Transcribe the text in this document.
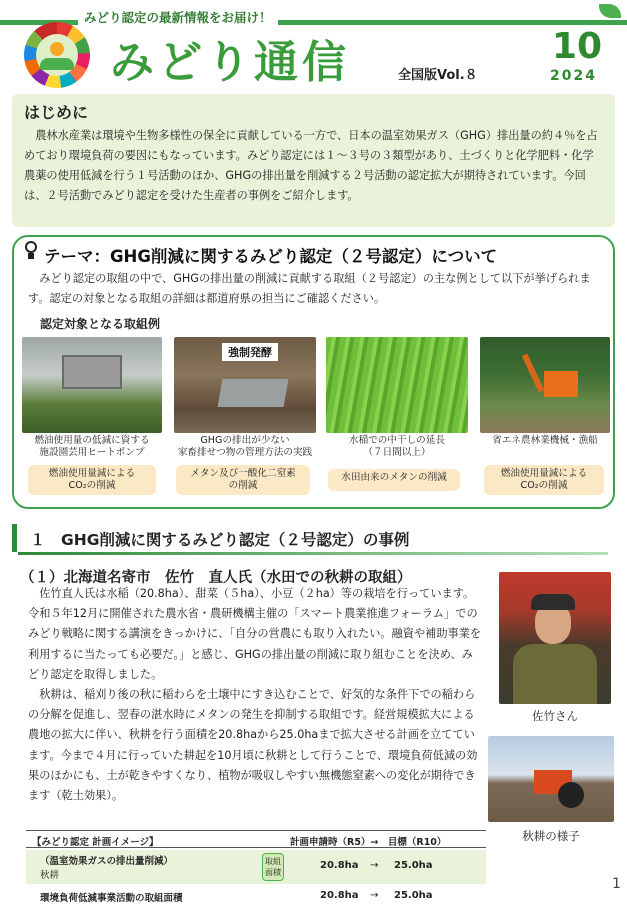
みどり認定の最新情報をお届け！
みどり通信	全国版Vol.８
10
2024
はじめに

農林水産業は環境や生物多様性の保全に貢献している一方で、日本の温室効果ガス（GHG）排出量の約４％を占めており環境負荷の要因にもなっています。みどり認定には１～３号の３類型があり、土づくりと化学肥料・化学農薬の使用低減を行う１号活動のほか、GHGの排出量を削減する２号活動の認定拡大が期待されています。今回は、２号活動でみどり認定を受けた生産者の事例をご紹介します。

テーマ：GHG削減に関するみどり認定（２号認定）について
みどり認定の取組の中で、GHGの排出量の削減に貢献する取組（２号認定）の主な例として以下が挙げられます。認定の対象となる取組の詳細は都道府県の担当にご確認ください。
認定対象となる取組例
強制発酵
燃油使用量の低減に資する
施設園芸用ヒートポンプ
GHGの排出が少ない
家畜排せつ物の管理方法の実践
水稲での中干しの延長
（７日間以上）
省エネ農林業機械・漁船
燃油使用量減による
CO₂の削減
メタン及び一酸化二窒素
の削減
水田由来のメタンの削減	燃油使用量減による
CO₂の削減
１　GHG削減に関するみどり認定（２号認定）の事例
（１）北海道名寄市　佐竹　直人氏（水田での秋耕の取組）

佐竹直人氏は水稲（20.8ha）、甜菜（５ha）、小豆（２ha）等の栽培を行っています。令和５年12月に開催された農水省・農研機構主催の「スマート農業推進フォーラム」でのみどり戦略に関する講演をきっかけに、「自分の営農にも取り入れたい。融資や補助事業を利用するに当たっても必要だ。」と感じ、GHGの排出量の削減に取り組むことを決め、みどり認定を取得しました。

秋耕は、稲刈り後の秋に稲わらを土壌中にすき込むことで、好気的な条件下での稲わらの分解を促進し、翌春の湛水時にメタンの発生を抑制する取組です。経営規模拡大による農地の拡大に伴い、秋耕を行う面積を20.8haから25.0haまで拡大させる計画を立てています。今まで４月に行っていた耕起を10月頃に秋耕として行うことで、環境負荷低減の効果のほかにも、土が乾きやすくなり、植物が吸収しやすい無機態窒素への変化が期待できます（乾土効果）。

佐竹さん
秋耕の様子
【みどり認定 計画イメージ】	計画申請時（R5）→　目標（R10）
（温室効果ガスの排出量削減）
秋耕
取組面積
20.8ha → 25.0ha
環境負荷低減事業活動の取組面積	20.8ha → 25.0ha
1
